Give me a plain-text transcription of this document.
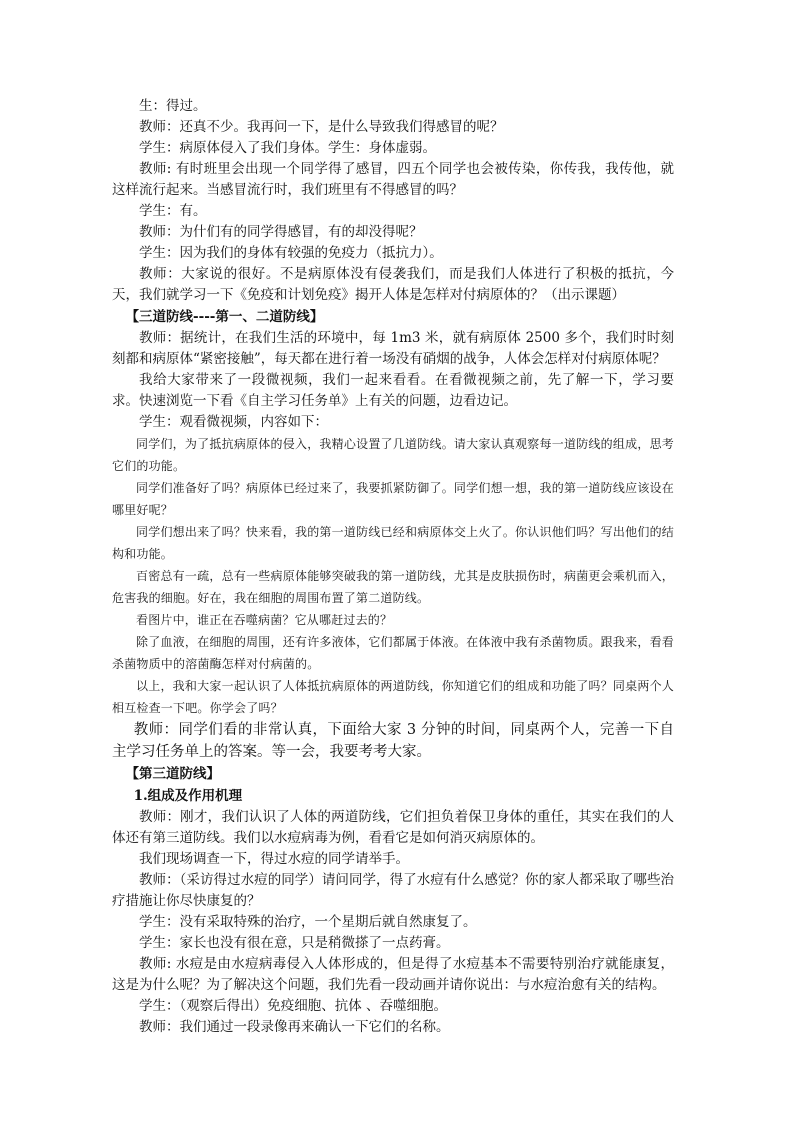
生：得过。

教师：还真不少。我再问一下，是什么导致我们得感冒的呢？

学生：病原体侵入了我们身体。学生：身体虚弱。

教师: 有时班里会出现一个同学得了感冒，四五个同学也会被传染，你传我，我传他，就这样流行起来。当感冒流行时，我们班里有不得感冒的吗？

学生：有。

教师：为什们有的同学得感冒，有的却没得呢？

学生：因为我们的身体有较强的免疫力（抵抗力）。

教师：大家说的很好。不是病原体没有侵袭我们，而是我们人体进行了积极的抵抗，今天，我们就学习一下《免疫和计划免疫》揭开人体是怎样对付病原体的？（出示课题）

【三道防线----第一、二道防线】

教师：据统计，在我们生活的环境中，每 1m3 米，就有病原体 2500 多个，我们时时刻刻都和病原体“紧密接触”，每天都在进行着一场没有硝烟的战争，人体会怎样对付病原体呢？

我给大家带来了一段微视频，我们一起来看看。在看微视频之前，先了解一下，学习要求。快速浏览一下看《自主学习任务单》上有关的问题，边看边记。

学生：观看微视频，内容如下：

同学们，为了抵抗病原体的侵入，我精心设置了几道防线。请大家认真观察每一道防线的组成，思考它们的功能。

同学们准备好了吗？病原体已经过来了，我要抓紧防御了。同学们想一想，我的第一道防线应该设在哪里好呢？

同学们想出来了吗？快来看，我的第一道防线已经和病原体交上火了。你认识他们吗？写出他们的结构和功能。

百密总有一疏，总有一些病原体能够突破我的第一道防线，尤其是皮肤损伤时，病菌更会乘机而入，危害我的细胞。好在，我在细胞的周围布置了第二道防线。

看图片中，谁正在吞噬病菌？它从哪赶过去的？

除了血液，在细胞的周围，还有许多液体，它们都属于体液。在体液中我有杀菌物质。跟我来，看看杀菌物质中的溶菌酶怎样对付病菌的。

以上，我和大家一起认识了人体抵抗病原体的两道防线，你知道它们的组成和功能了吗？同桌两个人相互检查一下吧。你学会了吗？

教师：同学们看的非常认真，下面给大家 3 分钟的时间，同桌两个人，完善一下自主学习任务单上的答案。等一会，我要考考大家。

【第三道防线】

1.组成及作用机理

教师：刚才，我们认识了人体的两道防线，它们担负着保卫身体的重任，其实在我们的人体还有第三道防线。我们以水痘病毒为例，看看它是如何消灭病原体的。

我们现场调查一下，得过水痘的同学请举手。

教师：（采访得过水痘的同学）请问同学，得了水痘有什么感觉？你的家人都采取了哪些治疗措施让你尽快康复的？

学生：没有采取特殊的治疗，一个星期后就自然康复了。

学生：家长也没有很在意，只是稍微搽了一点药膏。

教师: 水痘是由水痘病毒侵入人体形成的，但是得了水痘基本不需要特别治疗就能康复，这是为什么呢？为了解决这个问题，我们先看一段动画并请你说出：与水痘治愈有关的结构。

学生：（观察后得出）免疫细胞、抗体 、吞噬细胞。

教师：我们通过一段录像再来确认一下它们的名称。
